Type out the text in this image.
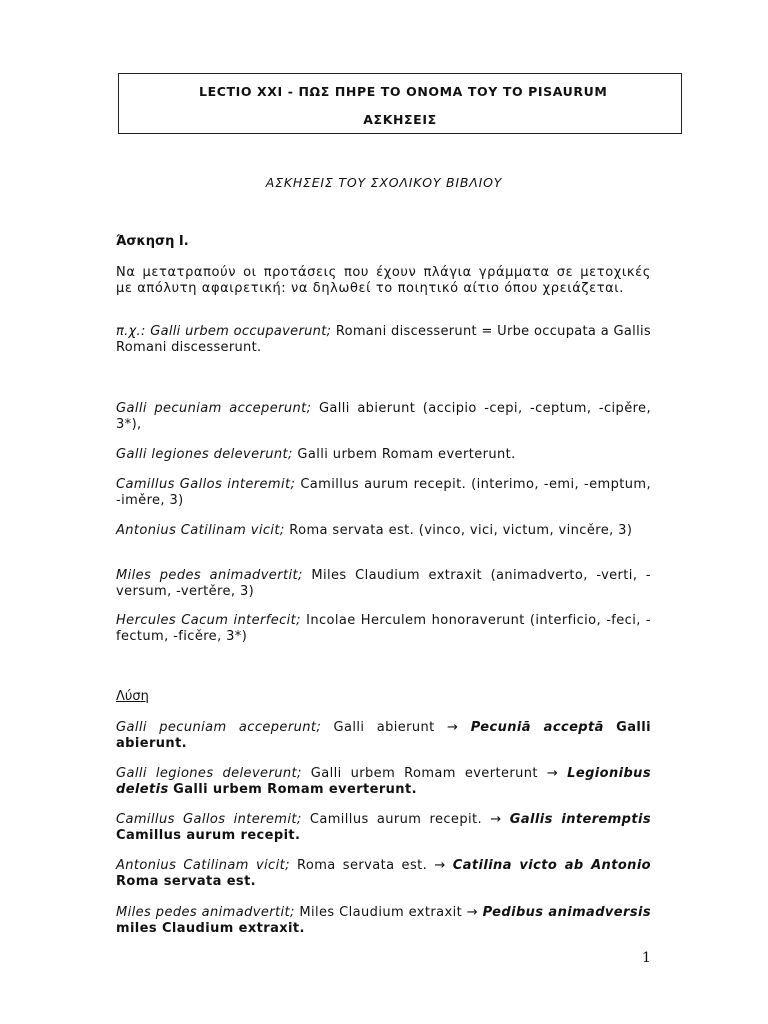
LECTIO XXI - ΠΩΣ ΠΗΡΕ ΤΟ ΟΝΟΜΑ ΤΟΥ ΤΟ PISAURUM
ΑΣΚΗΣΕΙΣ
ΑΣΚΗΣΕΙΣ ΤΟΥ ΣΧΟΛΙΚΟΥ ΒΙΒΛΙΟΥ

Άσκηση Ι.

Να μετατραπούν οι προτάσεις που έχουν πλάγια γράμματα σε μετοχικές με απόλυτη αφαιρετική: να δηλωθεί το ποιητικό αίτιο όπου χρειάζεται.

π.χ.: Galli urbem occupaverunt; Romani discesserunt = Urbe occupata a Gallis Romani discesserunt.

Galli pecuniam acceperunt; Galli abierunt (accipio -cepi, -ceptum, -cipěre, 3*),

Galli legiones deleverunt; Galli urbem Romam everterunt.

Camillus Gallos interemit; Camillus aurum recepit. (interimo, -emi, -emptum, -iměre, 3)

Antonius Catilinam vicit; Roma servata est. (vinco, vici, victum, vincěre, 3)

Miles pedes animadvertit; Miles Claudium extraxit (animadverto, -verti, -versum, -vertěre, 3)

Hercules Cacum interfecit; Incolae Herculem honoraverunt (interficio, -feci, -fectum, -ficěre, 3*)

Λύση

Galli pecuniam acceperunt; Galli abierunt → Pecuniā acceptā Galli abierunt.

Galli legiones deleverunt; Galli urbem Romam everterunt → Legionibus deletis Galli urbem Romam everterunt.

Camillus Gallos interemit; Camillus aurum recepit. → Gallis interemptis Camillus aurum recepit.

Antonius Catilinam vicit; Roma servata est. → Catilina victo ab Antonio Roma servata est.

Miles pedes animadvertit; Miles Claudium extraxit → Pedibus animadversis miles Claudium extraxit.

1
